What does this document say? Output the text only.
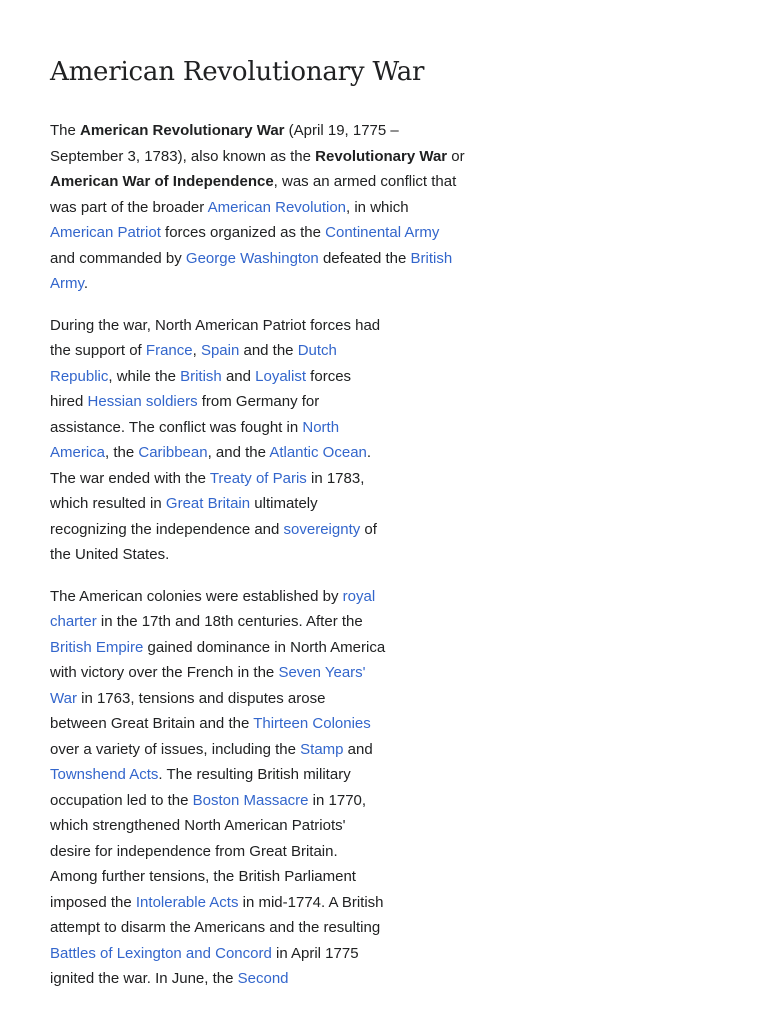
American Revolutionary War

The American Revolutionary War (April 19, 1775 – September 3, 1783), also known as the Revolutionary War or American War of Independence, was an armed conflict that was part of the broader American Revolution, in which American Patriot forces organized as the Continental Army and commanded by George Washington defeated the British Army.

During the war, North American Patriot forces had the support of France, Spain and the Dutch Republic, while the British and Loyalist forces hired Hessian soldiers from Germany for assistance. The conflict was fought in North America, the Caribbean, and the Atlantic Ocean. The war ended with the Treaty of Paris in 1783, which resulted in Great Britain ultimately recognizing the independence and sovereignty of the United States.

The American colonies were established by royal charter in the 17th and 18th centuries. After the British Empire gained dominance in North America with victory over the French in the Seven Years' War in 1763, tensions and disputes arose between Great Britain and the Thirteen Colonies over a variety of issues, including the Stamp and Townshend Acts. The resulting British military occupation led to the Boston Massacre in 1770, which strengthened North American Patriots' desire for independence from Great Britain. Among further tensions, the British Parliament imposed the Intolerable Acts in mid-1774. A British attempt to disarm the Americans and the resulting Battles of Lexington and Concord in April 1775 ignited the war. In June, the Second
